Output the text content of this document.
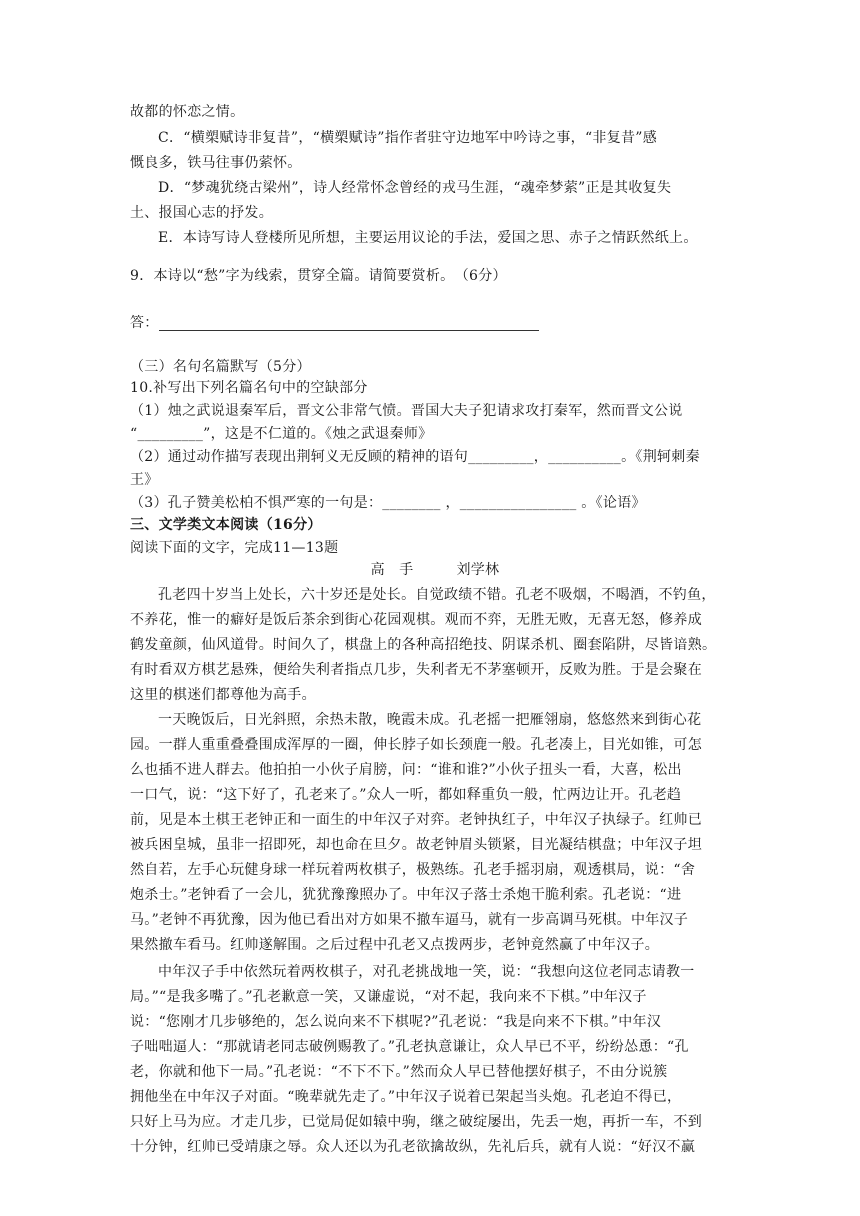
故都的怀恋之情。
C．“横槊赋诗非复昔”，“横槊赋诗”指作者驻守边地军中吟诗之事，“非复昔”感
慨良多，铁马往事仍萦怀。
D．“梦魂犹绕古梁州”，诗人经常怀念曾经的戎马生涯，“魂牵梦萦”正是其收复失
土、报国心志的抒发。
E．本诗写诗人登楼所见所想，主要运用议论的手法，爱国之思、赤子之情跃然纸上。
9．本诗以“愁”字为线索，贯穿全篇。请简要赏析。　（6分）
答：
（三）名句名篇默写（5分）
10.补写出下列名篇名句中的空缺部分
（1）烛之武说退秦军后，晋文公非常气愤。晋国大夫子犯请求攻打秦军，然而晋文公说
“_________”，这是不仁道的。《烛之武退秦师》
（2）通过动作描写表现出荆轲义无反顾的精神的语句_________，__________。《荆轲刺秦
王》
（3）孔子赞美松柏不惧严寒的一句是：________ ，________________ 。《论语》
三、文学类文本阅读（16分）
阅读下面的文字，完成11—13题
高　手　　　刘学林
孔老四十岁当上处长，六十岁还是处长。自觉政绩不错。孔老不吸烟，不喝酒，不钓鱼，
不养花，惟一的癖好是饭后茶余到街心花园观棋。观而不弈，无胜无败，无喜无怒，修养成
鹤发童颜，仙风道骨。时间久了，棋盘上的各种高招绝技、阴谋杀机、圈套陷阱，尽皆谙熟。
有时看双方棋艺悬殊，便给失利者指点几步，失利者无不茅塞顿开，反败为胜。于是会聚在
这里的棋迷们都尊他为高手。
一天晚饭后，日光斜照，余热未散，晚霞未成。孔老摇一把雁翎扇，悠悠然来到街心花
园。一群人重重叠叠围成浑厚的一圈，伸长脖子如长颈鹿一般。孔老凑上，目光如锥，可怎
么也插不进人群去。他拍拍一小伙子肩膀，问：“谁和谁?”小伙子扭头一看，大喜，松出
一口气，说：“这下好了，孔老来了。”众人一听，都如释重负一般，忙两边让开。孔老趋
前，见是本土棋王老钟正和一面生的中年汉子对弈。老钟执红子，中年汉子执绿子。红帅已
被兵困皇城，虽非一招即死，却也命在旦夕。故老钟眉头锁紧，目光凝结棋盘；中年汉子坦
然自若，左手心玩健身球一样玩着两枚棋子，极熟练。孔老手摇羽扇，观透棋局，说：“舍
炮杀士。”老钟看了一会儿，犹犹豫豫照办了。中年汉子落士杀炮干脆利索。孔老说：“进
马。”老钟不再犹豫，因为他已看出对方如果不撤车逼马，就有一步高调马死棋。中年汉子
果然撤车看马。红帅遂解围。之后过程中孔老又点拨两步，老钟竟然赢了中年汉子。
中年汉子手中依然玩着两枚棋子，对孔老挑战地一笑，说：“我想向这位老同志请教一
局。”“是我多嘴了。”孔老歉意一笑，又谦虚说，“对不起，我向来不下棋。”中年汉子
说：“您刚才几步够绝的，怎么说向来不下棋呢?”孔老说：“我是向来不下棋。”中年汉
子咄咄逼人：“那就请老同志破例赐教了。”孔老执意谦让，众人早已不平，纷纷怂恿：“孔
老，你就和他下一局。”孔老说：“不下不下。”然而众人早已替他摆好棋子，不由分说簇
拥他坐在中年汉子对面。“晚辈就先走了。”中年汉子说着已架起当头炮。孔老迫不得已，
只好上马为应。才走几步，已觉局促如辕中驹，继之破绽屡出，先丢一炮，再折一车，不到
十分钟，红帅已受靖康之辱。众人还以为孔老欲擒故纵，先礼后兵，就有人说：“好汉不赢
